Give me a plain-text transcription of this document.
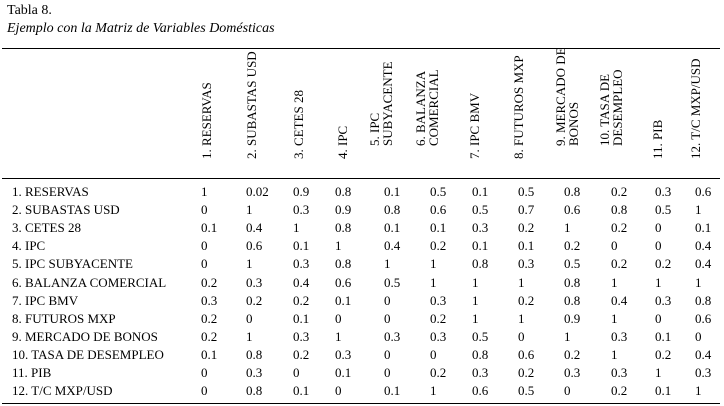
Tabla 8.
Ejemplo con la Matriz de Variables Domésticas
1. RESERVAS 2. SUBASTAS USD 3. CETES 28 4. IPC 5. IPC
SUBYACENTE 6. BALANZA
COMERCIAL 7. IPC BMV 8. FUTUROS MXP 9. MERCADO DE
BONOS 10. TASA DE
DESEMPLEO 11. PIB 12. T/C MXP/USD
1. RESERVAS	1	0.02 0.9 0.8	0.1 0.5 0.1 0.5 0.8 0.2 0.3 0.6
2. SUBASTAS USD	0	1	0.3 0.9	0.8 0.6 0.5 0.7 0.6 0.8 0.5 1
3. CETES 28	0.1 0.4 1	0.8	0.1 0.1 0.3 0.2 1	0.2 0	0.1
4. IPC	0	0.6 0.1 1	0.4 0.2 0.1 0.1 0.2 0	0	0.4
5. IPC SUBYACENTE	0	1	0.3 0.8	1	1	0.8 0.3 0.5 0.2 0.2 0.4
6. BALANZA COMERCIAL	0.2 0.3 0.4 0.6	0.5 1	1	1	0.8 1	1	1
7. IPC BMV	0.3 0.2 0.2 0.1	0	0.3 1	0.2 0.8 0.4 0.3 0.8
8. FUTUROS MXP	0.2 0	0.1 0	0	0.2 1	1	0.9 1	0	0.6
9. MERCADO DE BONOS	0.2 1	0.3 1	0.3 0.3 0.5 0	1	0.3 0.1 0
10. TASA DE DESEMPLEO	0.1 0.8 0.2 0.3	0	0	0.8 0.6 0.2 1	0.2 0.4
11. PIB	0	0.3 0	0.1	0	0.2 0.3 0.2 0.3 0.3 1	0.3
12. T/C MXP/USD	0	0.8 0.1 0	0.1 1	0.6 0.5 0	0.2 0.1 1
